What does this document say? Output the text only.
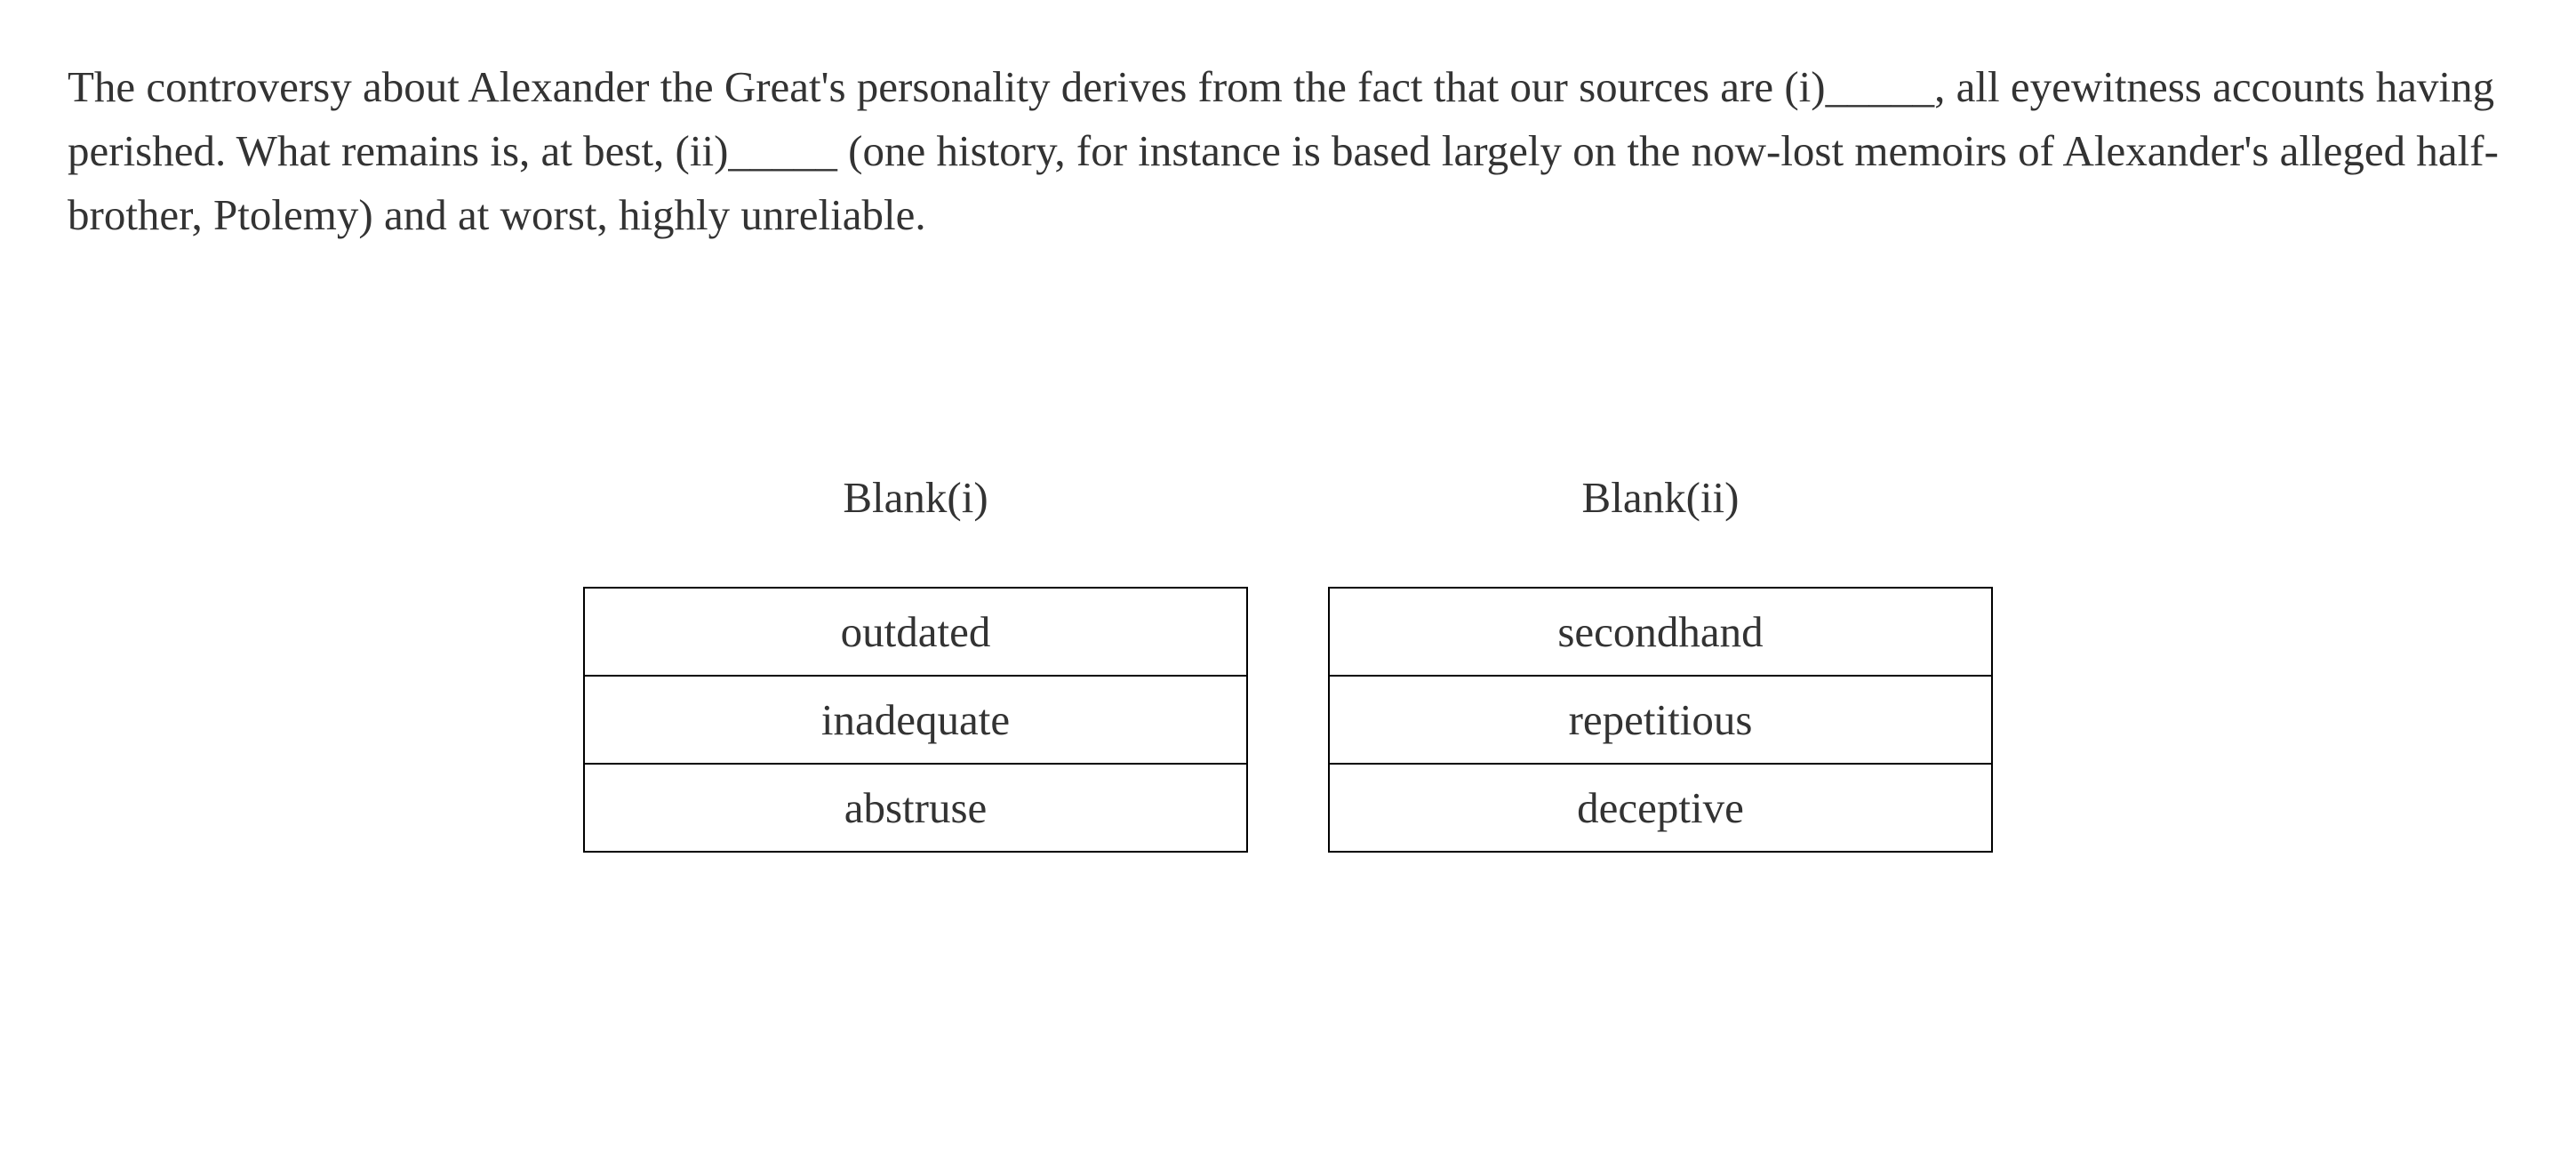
The controversy about Alexander the Great's personality derives from the fact that our sources are (i)_____, all eyewitness accounts having perished. What remains is, at best, (ii)_____ (one history, for instance is based largely on the now-lost memoirs of Alexander's alleged half-brother, Ptolemy) and at worst, highly unreliable.

Blank(i)
outdated
inadequate
abstruse
Blank(ii)
secondhand
repetitious
deceptive
